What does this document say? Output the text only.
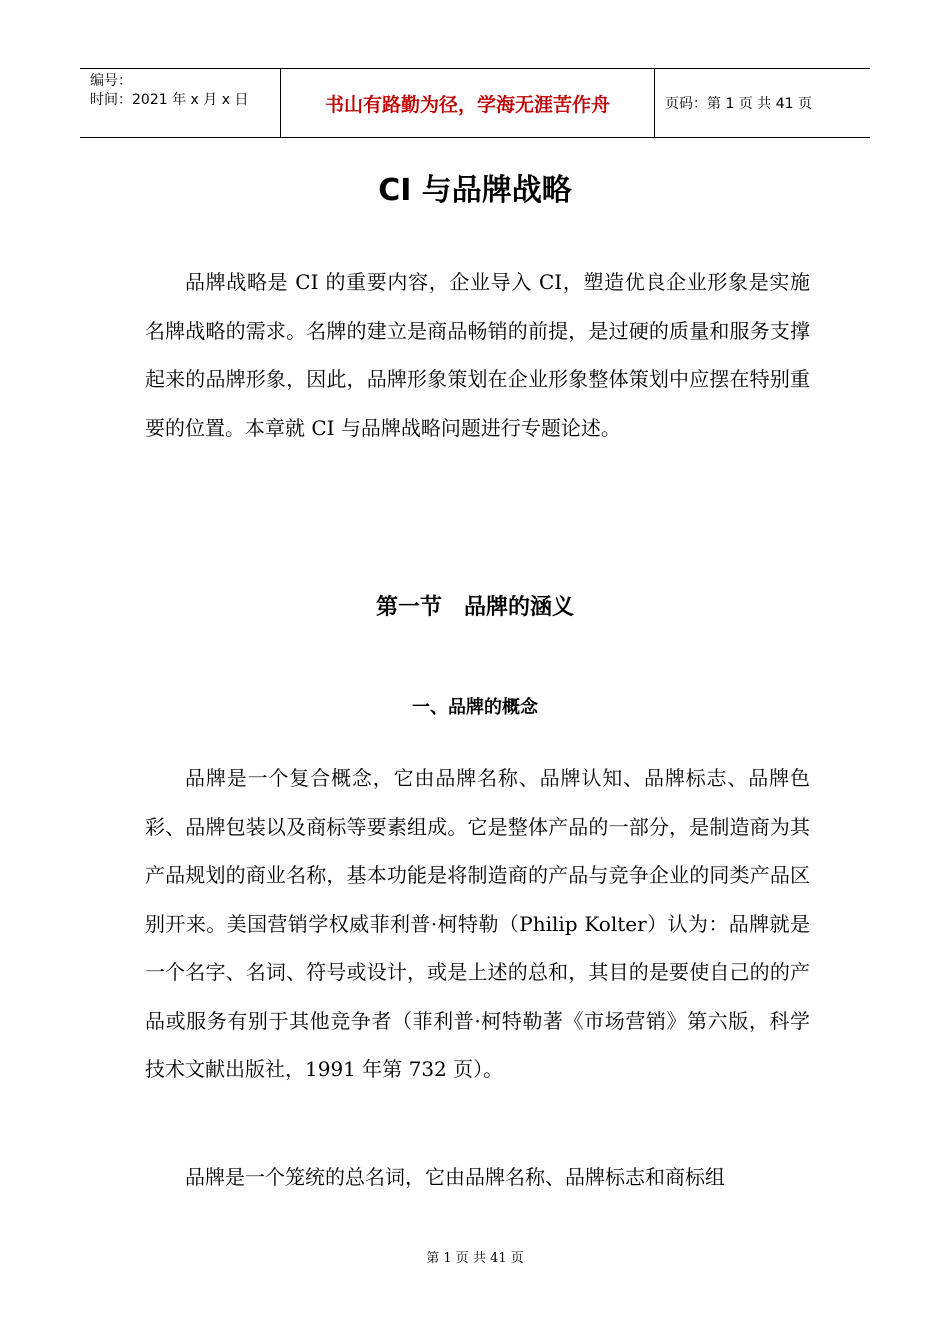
编号：
时间：2021 年 x 月 x 日	书山有路勤为径，学海无涯苦作舟	页码：第 1 页 共 41 页
CI 与品牌战略

品牌战略是 CI 的重要内容，企业导入 CI，塑造优良企业形象是实施名牌战略的需求。名牌的建立是商品畅销的前提，是过硬的质量和服务支撑起来的品牌形象，因此，品牌形象策划在企业形象整体策划中应摆在特别重要的位置。本章就 CI 与品牌战略问题进行专题论述。

第一节　品牌的涵义
一、品牌的概念

品牌是一个复合概念，它由品牌名称、品牌认知、品牌标志、品牌色彩、品牌包装以及商标等要素组成。它是整体产品的一部分，是制造商为其产品规划的商业名称，基本功能是将制造商的产品与竞争企业的同类产品区别开来。美国营销学权威菲利普·柯特勒（Philip Kolter）认为：品牌就是一个名字、名词、符号或设计，或是上述的总和，其目的是要使自己的的产品或服务有别于其他竞争者（菲利普·柯特勒著《市场营销》第六版，科学技术文献出版社，1991 年第 732 页）。

品牌是一个笼统的总名词，它由品牌名称、品牌标志和商标组

第 1 页 共 41 页
